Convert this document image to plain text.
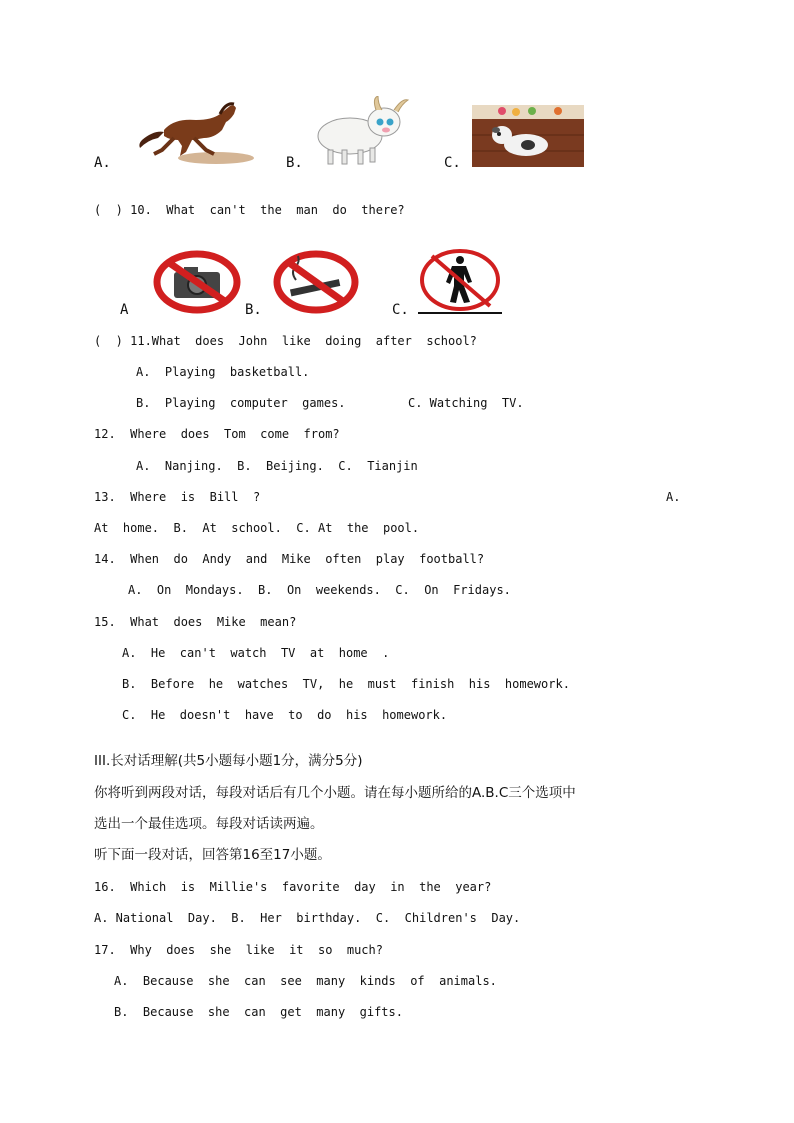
A.	B.	C.
(  ) 10.  What  can't  the  man  do  there?
A	B.	C.
(  ) 11.What  does  John  like  doing  after  school?
A.  Playing  basketball.
B.  Playing  computer  games.	C. Watching  TV.
12.  Where  does  Tom  come  from?
A.  Nanjing.  B.  Beijing.  C.  Tianjin
13.  Where  is  Bill  ?	A.
At  home.  B.  At  school.  C. At  the  pool.
14.  When  do  Andy  and  Mike  often  play  football?
A.  On  Mondays.  B.  On  weekends.  C.  On  Fridays.
15.  What  does  Mike  mean?
A.  He  can't  watch  TV  at  home  .
B.  Before  he  watches  TV,  he  must  finish  his  homework.
C.  He  doesn't  have  to  do  his  homework.
III.长对话理解(共5小题每小题1分，满分5分)
你将听到两段对话，每段对话后有几个小题。请在每小题所给的A.B.C三个选项中
选出一个最佳选项。每段对话读两遍。
听下面一段对话，回答第16至17小题。
16.  Which  is  Millie's  favorite  day  in  the  year?
A. National  Day.  B.  Her  birthday.  C.  Children's  Day.
17.  Why  does  she  like  it  so  much?
A.  Because  she  can  see  many  kinds  of  animals.
B.  Because  she  can  get  many  gifts.
